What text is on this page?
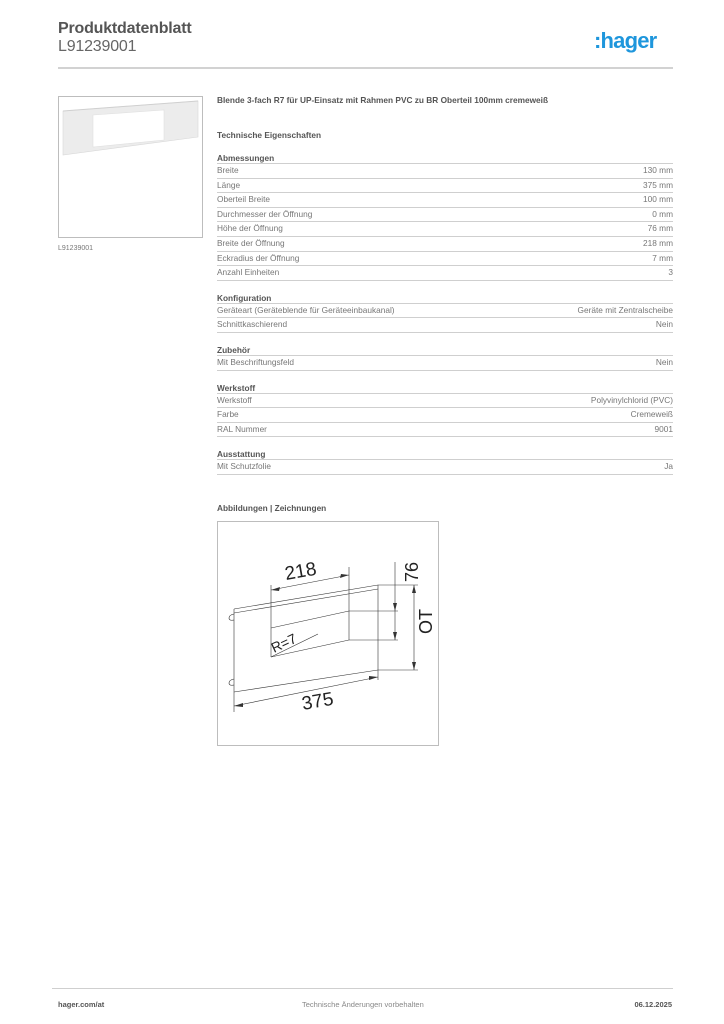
Produktdatenblatt
L91239001	:hager
L91239001
Blende 3-fach R7 für UP-Einsatz mit Rahmen PVC zu BR Oberteil 100mm cremeweiß
Technische Eigenschaften
Abmessungen
Breite	130 mm
Länge	375 mm
Oberteil Breite	100 mm
Durchmesser der Öffnung	0 mm
Höhe der Öffnung	76 mm
Breite der Öffnung	218 mm
Eckradius der Öffnung	7 mm
Anzahl Einheiten	3
Konfiguration
Geräteart (Geräteblende für Geräteeinbaukanal)	Geräte mit Zentralscheibe
Schnittkaschierend	Nein
Zubehör
Mit Beschriftungsfeld	Nein
Werkstoff
Werkstoff	Polyvinylchlorid (PVC)
Farbe	Cremeweiß
RAL Nummer	9001
Ausstattung
Mit Schutzfolie	Ja
Abbildungen | Zeichnungen
218	76
OT
R=7
375
hager.com/at	Technische Änderungen vorbehalten	06.12.2025
